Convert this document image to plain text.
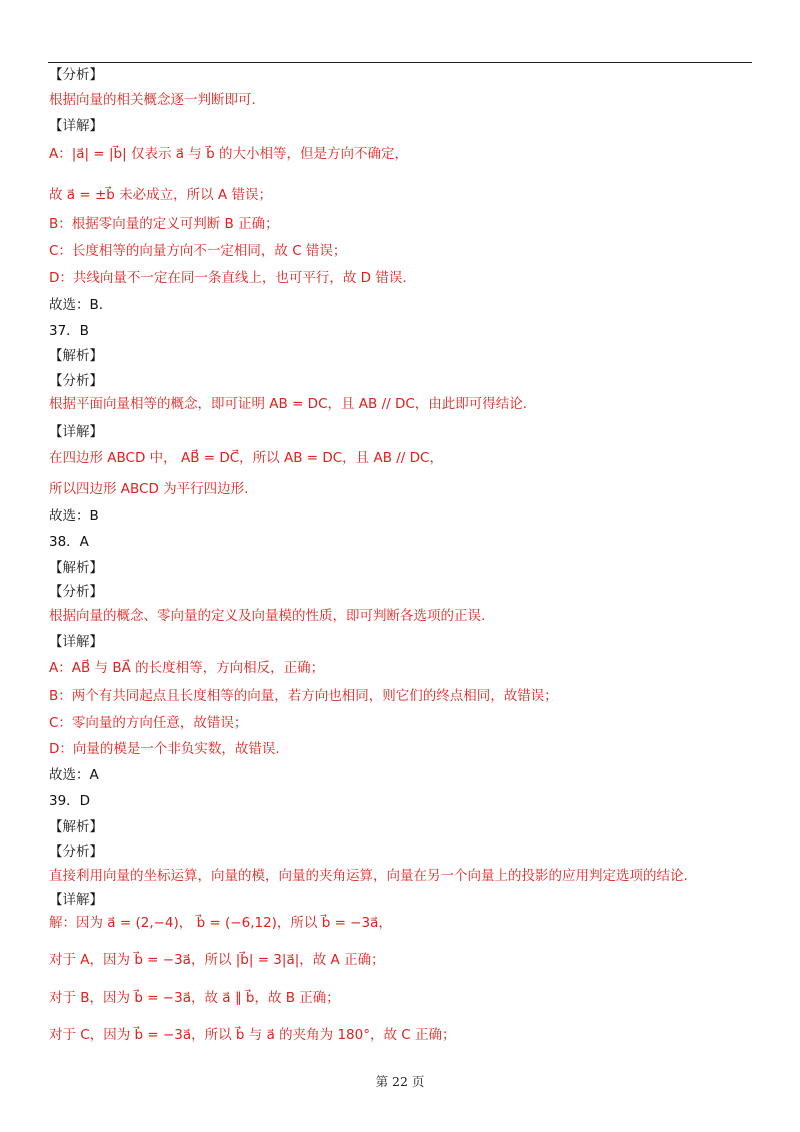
【分析】
根据向量的相关概念逐一判断即可.
【详解】
A：|a⃗| = |b⃗| 仅表示 a⃗ 与 b⃗ 的大小相等，但是方向不确定，
故 a⃗ = ±b⃗ 未必成立，所以 A 错误；
B：根据零向量的定义可判断 B 正确；
C：长度相等的向量方向不一定相同，故 C 错误；
D：共线向量不一定在同一条直线上，也可平行，故 D 错误.
故选：B.
37．B
【解析】
【分析】
根据平面向量相等的概念，即可证明 AB = DC，且 AB // DC，由此即可得结论.
【详解】
在四边形 ABCD 中， AB⃗ = DC⃗，所以 AB = DC，且 AB // DC，
所以四边形 ABCD 为平行四边形.
故选：B
38．A
【解析】
【分析】
根据向量的概念、零向量的定义及向量模的性质，即可判断各选项的正误.
【详解】
A：AB⃗ 与 BA⃗ 的长度相等，方向相反，正确；
B：两个有共同起点且长度相等的向量，若方向也相同，则它们的终点相同，故错误；
C：零向量的方向任意，故错误；
D：向量的模是一个非负实数，故错误.
故选：A
39．D
【解析】
【分析】
直接利用向量的坐标运算，向量的模，向量的夹角运算，向量在另一个向量上的投影的应用判定选项的结论.
【详解】
解：因为 a⃗ = (2,−4)， b⃗ = (−6,12)，所以 b⃗ = −3a⃗，
对于 A，因为 b⃗ = −3a⃗，所以 |b⃗| = 3|a⃗|，故 A 正确；
对于 B，因为 b⃗ = −3a⃗，故 a⃗ ∥ b⃗，故 B 正确；
对于 C，因为 b⃗ = −3a⃗，所以 b⃗ 与 a⃗ 的夹角为 180°，故 C 正确；
第 22 页
